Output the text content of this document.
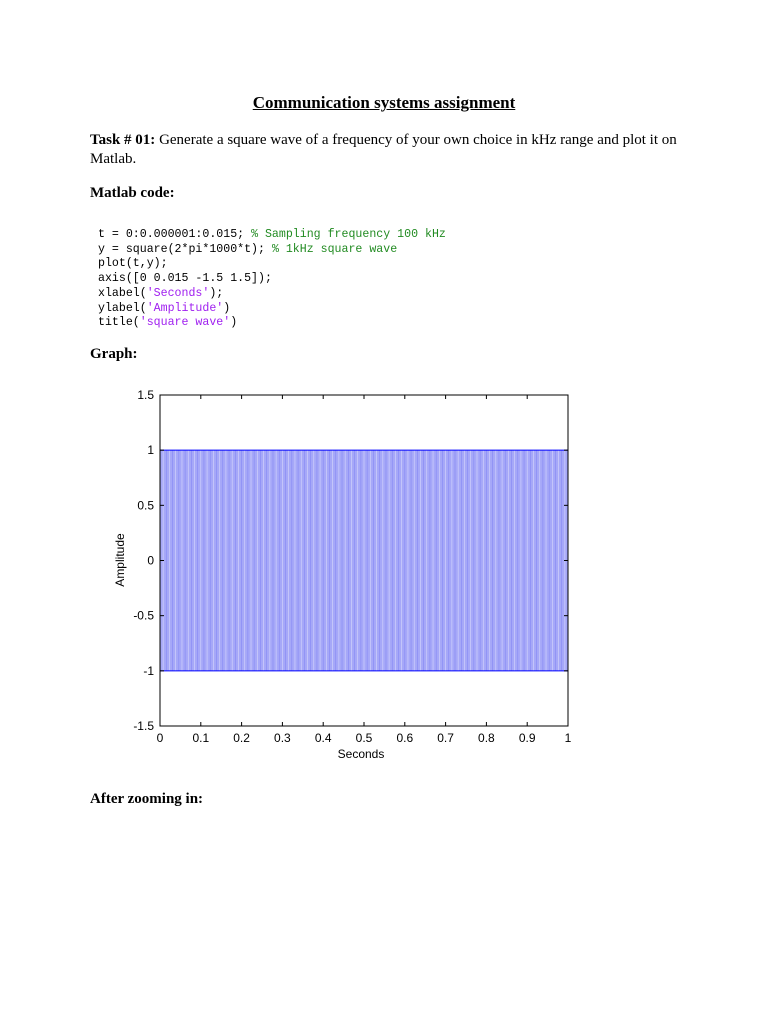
Communication systems assignment
Task # 01: Generate a square wave of a frequency of your own choice in kHz range and plot it on Matlab.
Matlab code:
t = 0:0.000001:0.015; % Sampling frequency 100 kHz
y = square(2*pi*1000*t); % 1kHz square wave
plot(t,y);
axis([0 0.015 -1.5 1.5]);
xlabel('Seconds');
ylabel('Amplitude')
title('square wave')
Graph:
0 0.1 0.2 0.3 0.4 0.5 0.6 0.7 0.8 0.9 1
1.5
1
0.5
0
-0.5
-1
-1.5
Seconds
Amplitude
After zooming in:
